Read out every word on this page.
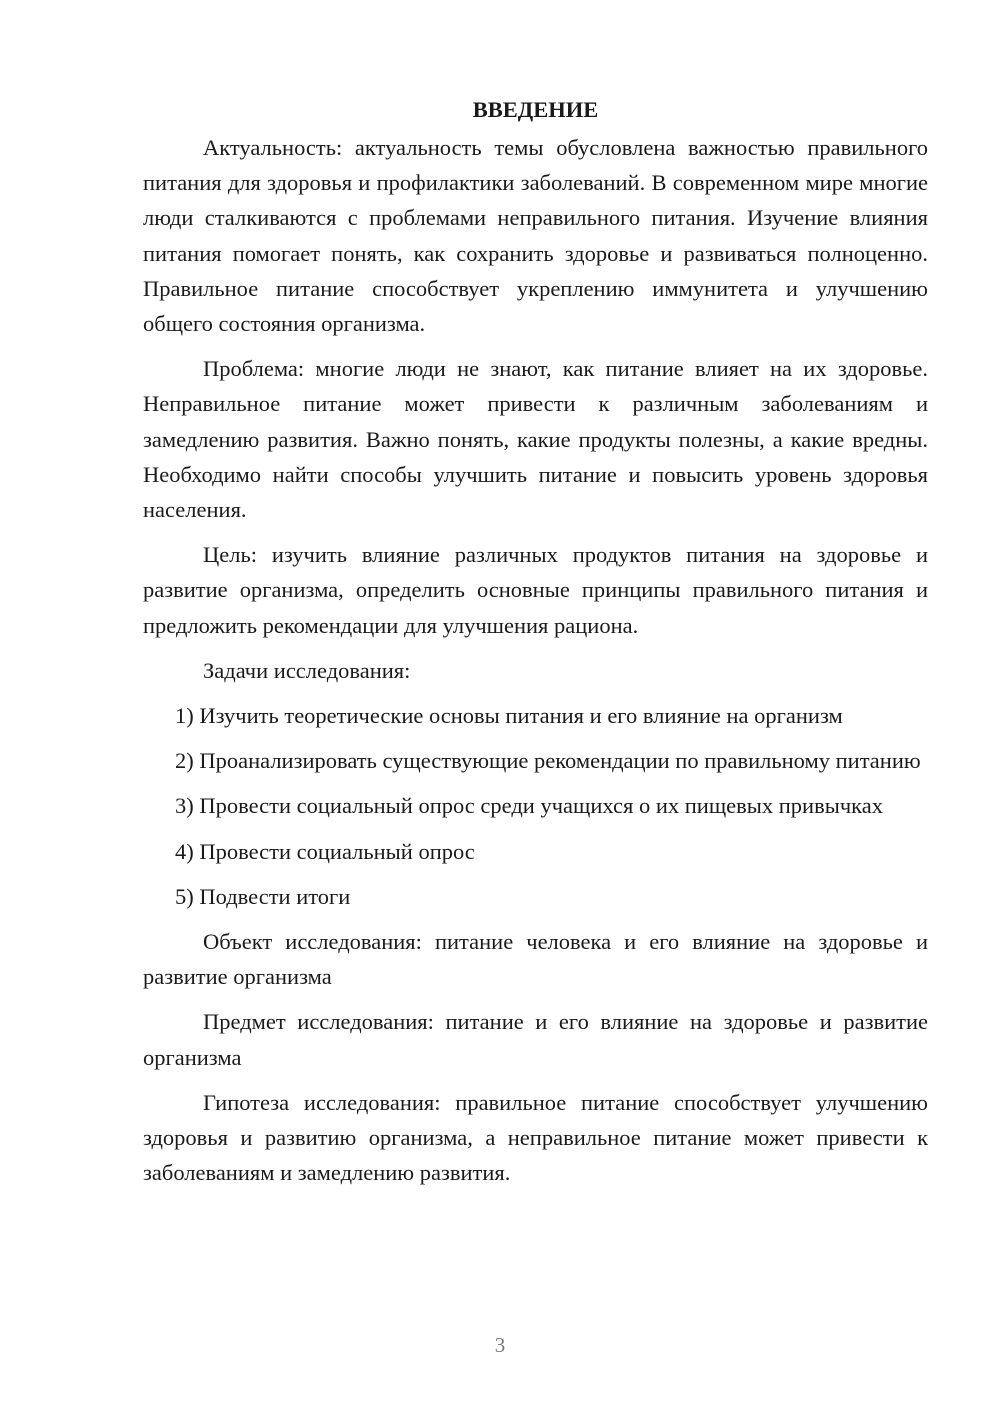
ВВЕДЕНИЕ

Актуальность: актуальность темы обусловлена важностью правильного питания для здоровья и профилактики заболеваний. В современном мире многие люди сталкиваются с проблемами неправильного питания. Изучение влияния питания помогает понять, как сохранить здоровье и развиваться полноценно. Правильное питание способствует укреплению иммунитета и улучшению общего состояния организма.

Проблема: многие люди не знают, как питание влияет на их здоровье. Неправильное питание может привести к различным заболеваниям и замедлению развития. Важно понять, какие продукты полезны, а какие вредны. Необходимо найти способы улучшить питание и повысить уровень здоровья населения.

Цель: изучить влияние различных продуктов питания на здоровье и развитие организма, определить основные принципы правильного питания и предложить рекомендации для улучшения рациона.

Задачи исследования:

1) Изучить теоретические основы питания и его влияние на организм

2) Проанализировать существующие рекомендации по правильному питанию

3) Провести социальный опрос среди учащихся о их пищевых привычках

4) Провести социальный опрос

5) Подвести итоги

Объект исследования: питание человека и его влияние на здоровье и развитие организма

Предмет исследования: питание и его влияние на здоровье и развитие организма

Гипотеза исследования: правильное питание способствует улучшению здоровья и развитию организма, а неправильное питание может привести к заболеваниям и замедлению развития.

3
